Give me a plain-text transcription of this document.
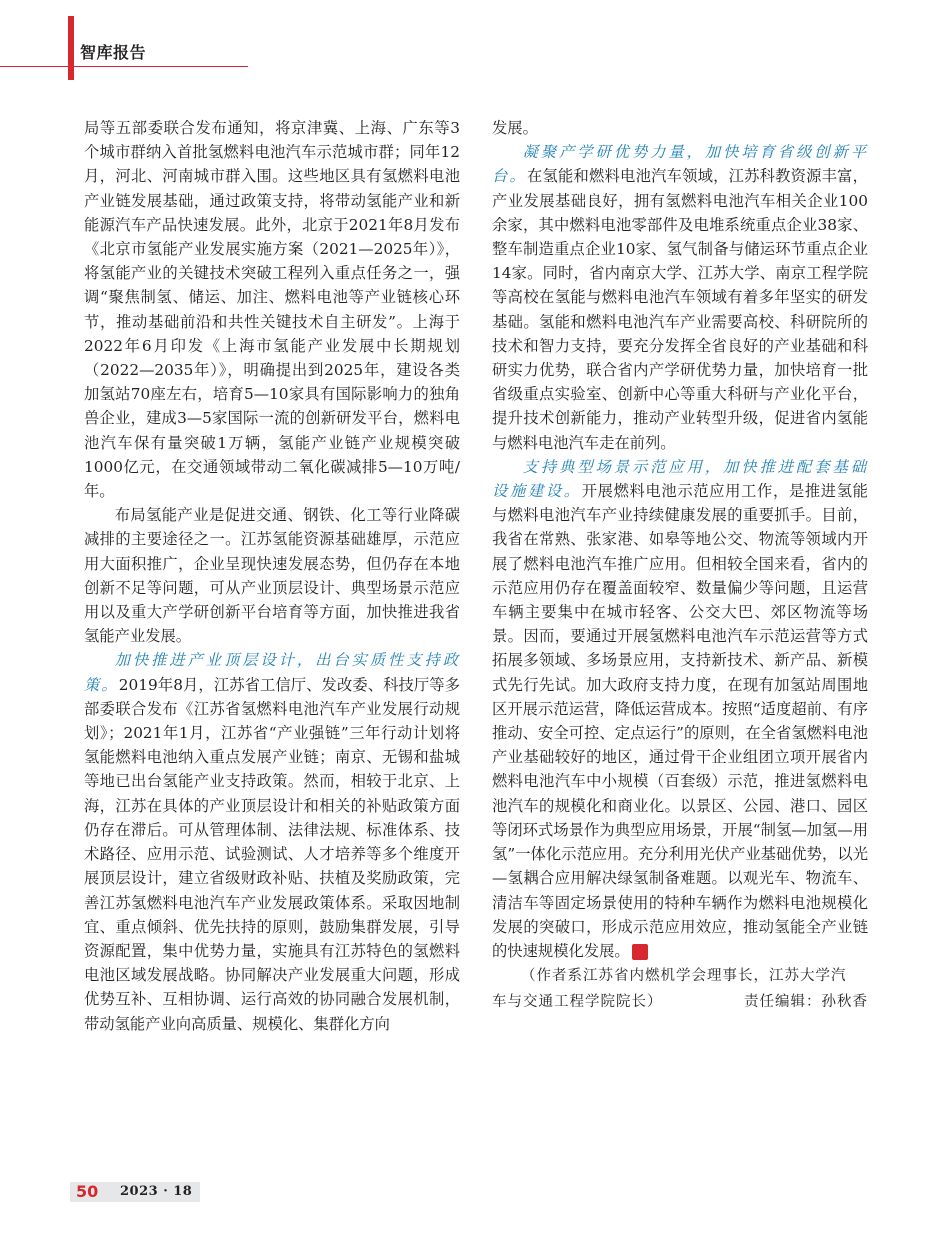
智库报告

局等五部委联合发布通知，将京津冀、上海、广东等3个城市群纳入首批氢燃料电池汽车示范城市群；同年12月，河北、河南城市群入围。这些地区具有氢燃料电池产业链发展基础，通过政策支持，将带动氢能产业和新能源汽车产品快速发展。此外，北京于2021年8月发布《北京市氢能产业发展实施方案（2021—2025年）》，将氢能产业的关键技术突破工程列入重点任务之一，强调“聚焦制氢、储运、加注、燃料电池等产业链核心环节，推动基础前沿和共性关键技术自主研发”。上海于2022年6月印发《上海市氢能产业发展中长期规划（2022—2035年）》，明确提出到2025年，建设各类加氢站70座左右，培育5—10家具有国际影响力的独角兽企业，建成3—5家国际一流的创新研发平台，燃料电池汽车保有量突破1万辆，氢能产业链产业规模突破1000亿元，在交通领域带动二氧化碳减排5—10万吨/年。

布局氢能产业是促进交通、钢铁、化工等行业降碳减排的主要途径之一。江苏氢能资源基础雄厚，示范应用大面积推广，企业呈现快速发展态势，但仍存在本地创新不足等问题，可从产业顶层设计、典型场景示范应用以及重大产学研创新平台培育等方面，加快推进我省氢能产业发展。

加快推进产业顶层设计，出台实质性支持政策。2019年8月，江苏省工信厅、发改委、科技厅等多部委联合发布《江苏省氢燃料电池汽车产业发展行动规划》；2021年1月，江苏省“产业强链”三年行动计划将氢能燃料电池纳入重点发展产业链；南京、无锡和盐城等地已出台氢能产业支持政策。然而，相较于北京、上海，江苏在具体的产业顶层设计和相关的补贴政策方面仍存在滞后。可从管理体制、法律法规、标准体系、技术路径、应用示范、试验测试、人才培养等多个维度开展顶层设计，建立省级财政补贴、扶植及奖励政策，完善江苏氢燃料电池汽车产业发展政策体系。采取因地制宜、重点倾斜、优先扶持的原则，鼓励集群发展，引导资源配置，集中优势力量，实施具有江苏特色的氢燃料电池区域发展战略。协同解决产业发展重大问题，形成优势互补、互相协调、运行高效的协同融合发展机制，带动氢能产业向高质量、规模化、集群化方向

发展。

凝聚产学研优势力量，加快培育省级创新平台。在氢能和燃料电池汽车领域，江苏科教资源丰富，产业发展基础良好，拥有氢燃料电池汽车相关企业100余家，其中燃料电池零部件及电堆系统重点企业38家、整车制造重点企业10家、氢气制备与储运环节重点企业14家。同时，省内南京大学、江苏大学、南京工程学院等高校在氢能与燃料电池汽车领域有着多年坚实的研发基础。氢能和燃料电池汽车产业需要高校、科研院所的技术和智力支持，要充分发挥全省良好的产业基础和科研实力优势，联合省内产学研优势力量，加快培育一批省级重点实验室、创新中心等重大科研与产业化平台，提升技术创新能力，推动产业转型升级，促进省内氢能与燃料电池汽车走在前列。

支持典型场景示范应用，加快推进配套基础设施建设。开展燃料电池示范应用工作，是推进氢能与燃料电池汽车产业持续健康发展的重要抓手。目前，我省在常熟、张家港、如皋等地公交、物流等领域内开展了燃料电池汽车推广应用。但相较全国来看，省内的示范应用仍存在覆盖面较窄、数量偏少等问题，且运营车辆主要集中在城市轻客、公交大巴、郊区物流等场景。因而，要通过开展氢燃料电池汽车示范运营等方式拓展多领域、多场景应用，支持新技术、新产品、新模式先行先试。加大政府支持力度，在现有加氢站周围地区开展示范运营，降低运营成本。按照“适度超前、有序推动、安全可控、定点运行”的原则，在全省氢燃料电池产业基础较好的地区，通过骨干企业组团立项开展省内燃料电池汽车中小规模（百套级）示范，推进氢燃料电池汽车的规模化和商业化。以景区、公园、港口、园区等闭环式场景作为典型应用场景，开展“制氢—加氢—用氢”一体化示范应用。充分利用光伏产业基础优势，以光—氢耦合应用解决绿氢制备难题。以观光车、物流车、清洁车等固定场景使用的特种车辆作为燃料电池规模化发展的突破口，形成示范应用效应，推动氢能全产业链的快速规模化发展。	策

（作者系江苏省内燃机学会理事长，江苏大学汽

车与交通工程学院院长）	责任编辑：孙秋香

50 2023 · 18
